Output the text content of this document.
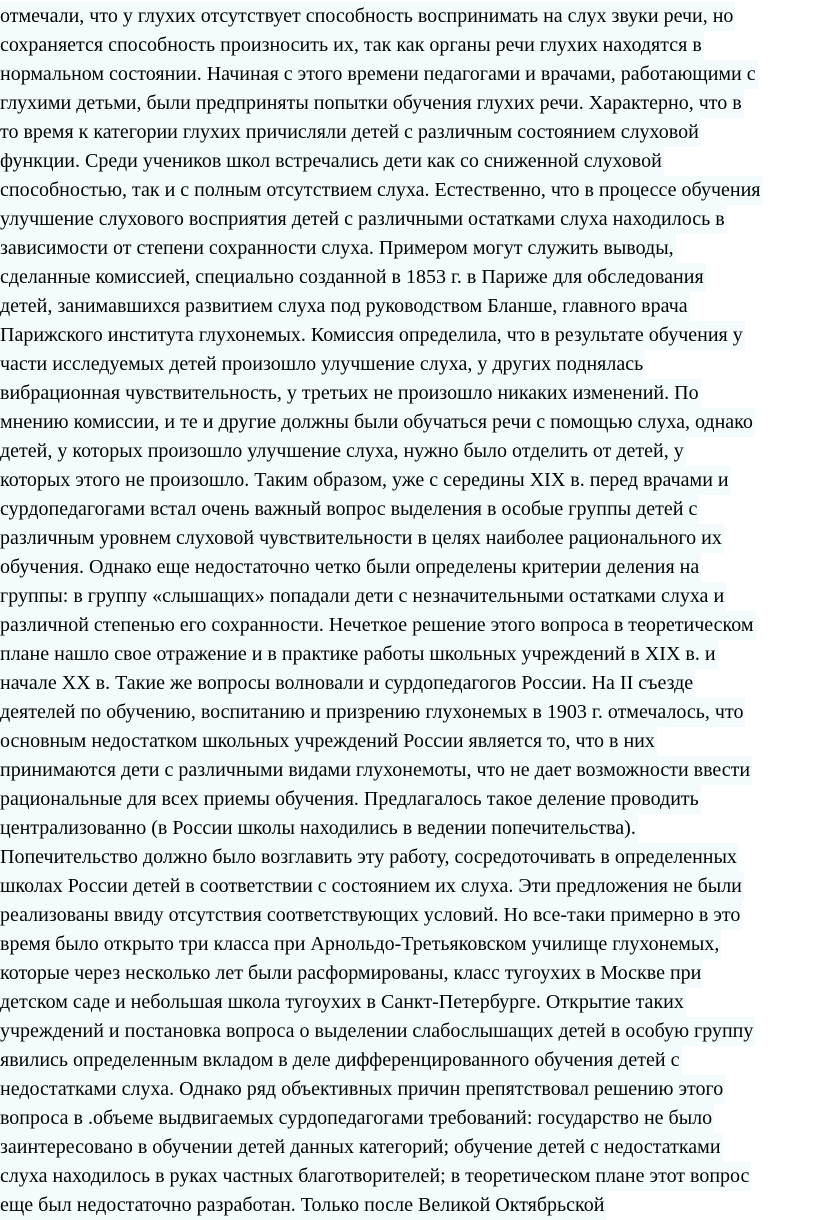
отмечали, что у глухих отсутствует способность воспринимать на слух звуки речи, но
сохраняется способность произносить их, так как органы речи глухих находятся в
нормальном состоянии. Начиная с этого времени педагогами и врачами, работающими с
глухими детьми, были предприняты попытки обучения глухих речи. Характерно, что в
то время к категории глухих причисляли детей с различным состоянием слуховой
функции. Среди учеников школ встречались дети как со сниженной слуховой
способностью, так и с полным отсутствием слуха. Естественно, что в процессе обучения
улучшение слухового восприятия детей с различными остатками слуха находилось в
зависимости от степени сохранности слуха. Примером могут служить выводы,
сделанные комиссией, специально созданной в 1853 г. в Париже для обследования
детей, занимавшихся развитием слуха под руководством Бланше, главного врача
Парижского института глухонемых. Комиссия определила, что в результате обучения у
части исследуемых детей произошло улучшение слуха, у других поднялась
вибрационная чувствительность, у третьих не произошло никаких изменений. По
мнению комиссии, и те и другие должны были обучаться речи с помощью слуха, однако
детей, у которых произошло улучшение слуха, нужно было отделить от детей, у
которых этого не произошло. Таким образом, уже с середины XIX в. перед врачами и
сурдопедагогами встал очень важный вопрос выделения в особые группы детей с
различным уровнем слуховой чувствительности в целях наиболее рационального их
обучения. Однако еще недостаточно четко были определены критерии деления на
группы: в группу «слышащих» попадали дети с незначительными остатками слуха и
различной степенью его сохранности. Нечеткое решение этого вопроса в теоретическом
плане нашло свое отражение и в практике работы школьных учреждений в XIX в. и
начале XX в. Такие же вопросы волновали и сурдопедагогов России. На II съезде
деятелей по обучению, воспитанию и призрению глухонемых в 1903 г. отмечалось, что
основным недостатком школьных учреждений России является то, что в них
принимаются дети с различными видами глухонемоты, что не дает возможности ввести
рациональные для всех приемы обучения. Предлагалось такое деление проводить
централизованно (в России школы находились в ведении попечительства).
Попечительство должно было возглавить эту работу, сосредоточивать в определенных
школах России детей в соответствии с состоянием их слуха. Эти предложения не были
реализованы ввиду отсутствия соответствующих условий. Но все-таки примерно в это
время было открыто три класса при Арнольдо-Третьяковском училище глухонемых,
которые через несколько лет были расформированы, класс тугоухих в Москве при
детском саде и небольшая школа тугоухих в Санкт-Петербурге. Открытие таких
учреждений и постановка вопроса о выделении слабослышащих детей в особую группу
явились определенным вкладом в деле дифференцированного обучения детей с
недостатками слуха. Однако ряд объективных причин препятствовал решению этого
вопроса в .объеме выдвигаемых сурдопедагогами требований: государство не было
заинтересовано в обучении детей данных категорий; обучение детей с недостатками
слуха находилось в руках частных благотворителей; в теоретическом плане этот вопрос
еще был недостаточно разработан. Только после Великой Октябрьской
